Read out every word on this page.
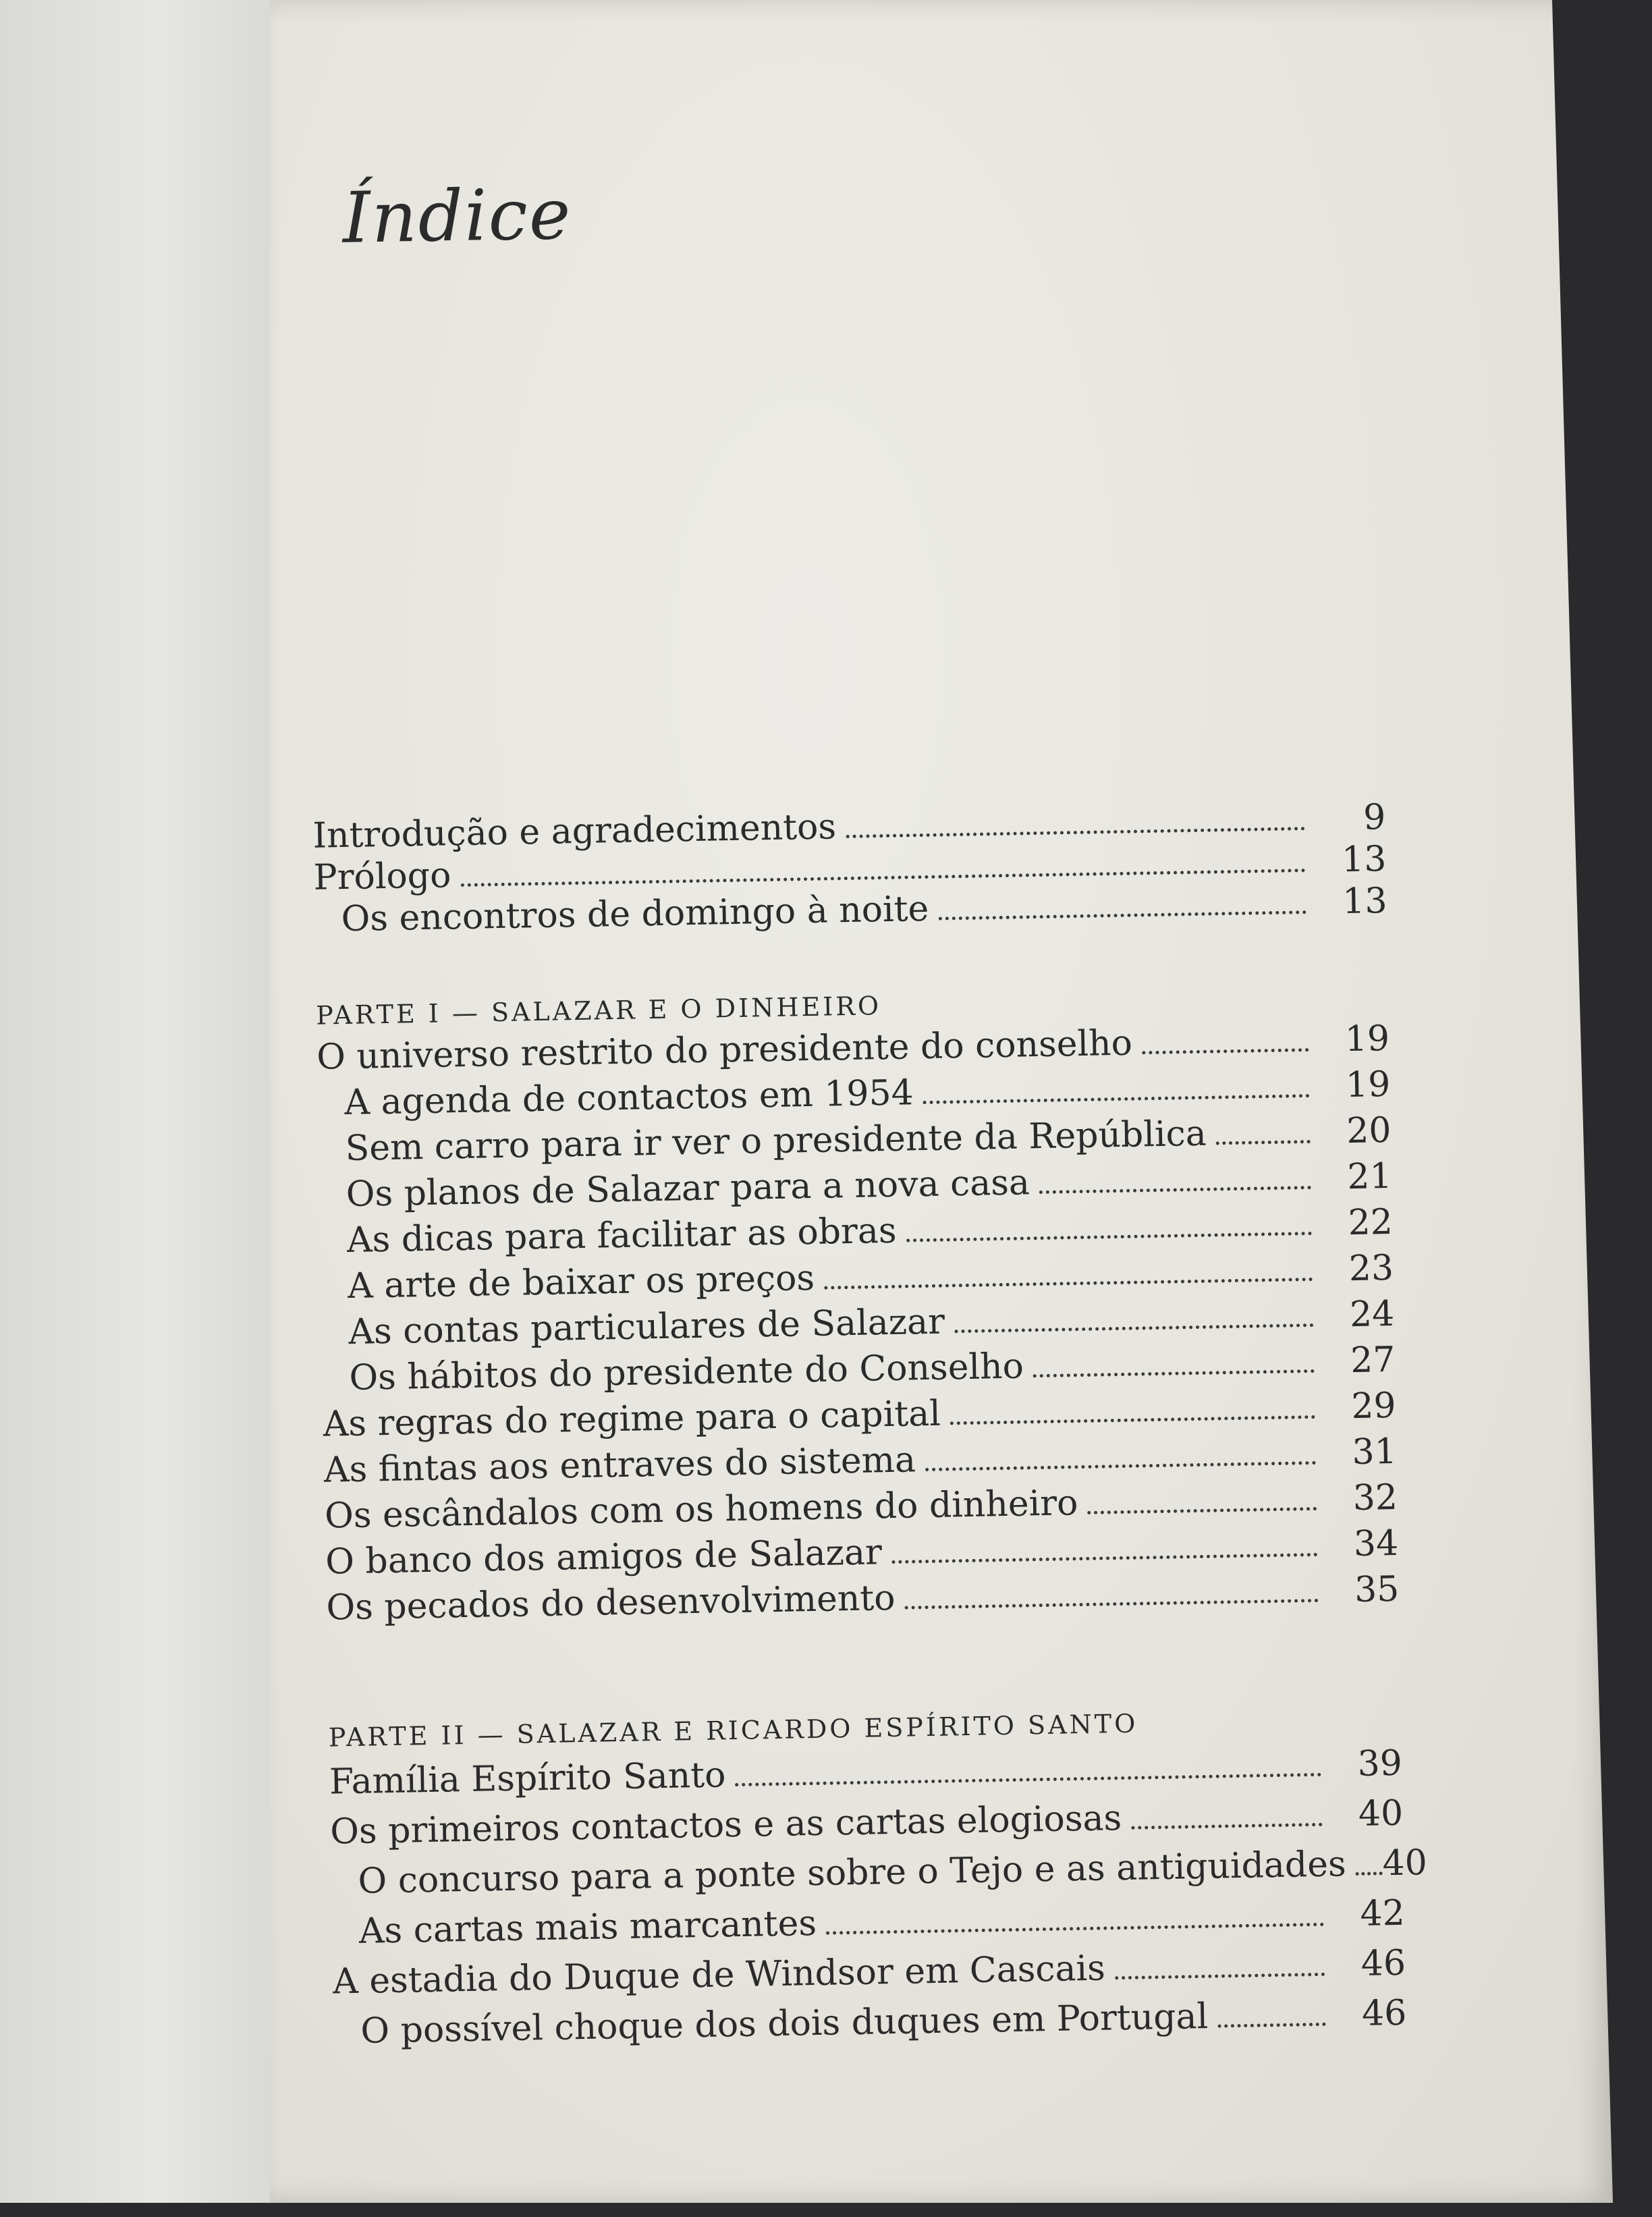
Índice
Introdução e agradecimentos	9
Prólogo	13
Os encontros de domingo à noite	13
PARTE I — SALAZAR E O DINHEIRO
O universo restrito do presidente do conselho	19
A agenda de contactos em 1954	19
Sem carro para ir ver o presidente da República	20
Os planos de Salazar para a nova casa	21
As dicas para facilitar as obras	22
A arte de baixar os preços	23
As contas particulares de Salazar	24
Os hábitos do presidente do Conselho	27
As regras do regime para o capital	29
As fintas aos entraves do sistema	31
Os escândalos com os homens do dinheiro	32
O banco dos amigos de Salazar	34
Os pecados do desenvolvimento	35
PARTE II — SALAZAR E RICARDO ESPÍRITO SANTO
Família Espírito Santo	39
Os primeiros contactos e as cartas elogiosas	40
O concurso para a ponte sobre o Tejo e as antiguidades 40
As cartas mais marcantes	42
A estadia do Duque de Windsor em Cascais	46
O possível choque dos dois duques em Portugal	46
